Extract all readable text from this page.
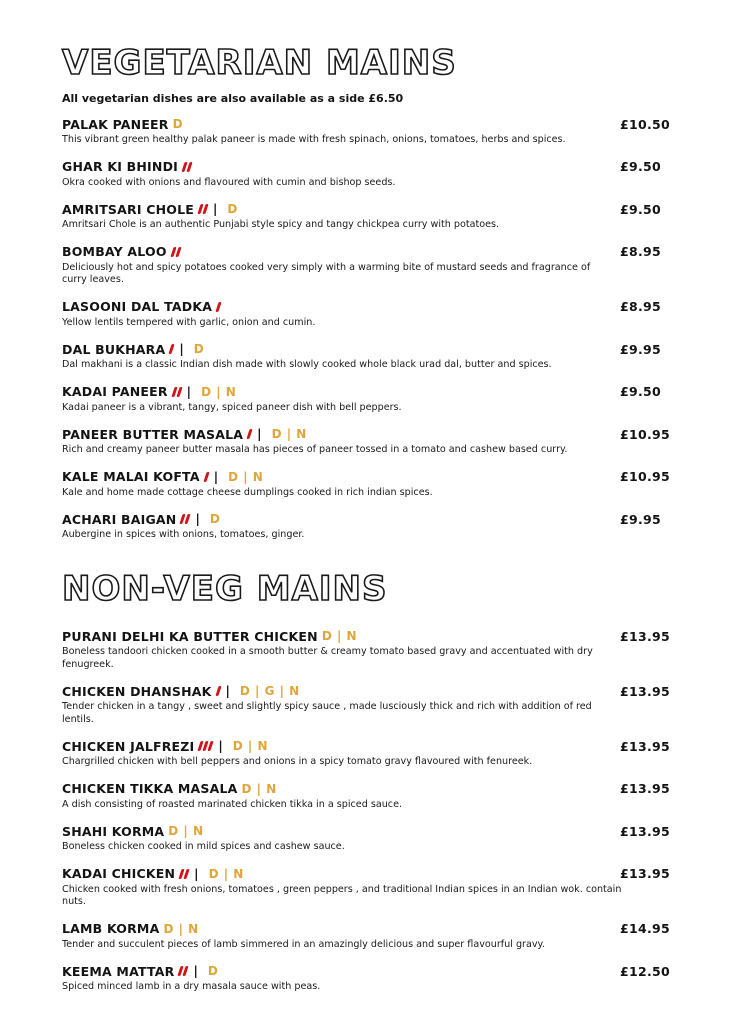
VEGETARIAN MAINS

All vegetarian dishes are also available as a side £6.50

PALAK PANEER D	£10.50

This vibrant green healthy palak paneer is made with fresh spinach, onions, tomatoes, herbs and spices.

GHAR KI BHINDI	£9.50

Okra cooked with onions and flavoured with cumin and bishop seeds.

AMRITSARI CHOLE | D	£9.50

Amritsari Chole is an authentic Punjabi style spicy and tangy chickpea curry with potatoes.

BOMBAY ALOO	£8.95

Deliciously hot and spicy potatoes cooked very simply with a warming bite of mustard seeds and fragrance of curry leaves.

LASOONI DAL TADKA	£8.95

Yellow lentils tempered with garlic, onion and cumin.

DAL BUKHARA | D	£9.95

Dal makhani is a classic Indian dish made with slowly cooked whole black urad dal, butter and spices.

KADAI PANEER | D | N	£9.50

Kadai paneer is a vibrant, tangy, spiced paneer dish with bell peppers.

PANEER BUTTER MASALA | D | N	£10.95

Rich and creamy paneer butter masala has pieces of paneer tossed in a tomato and cashew based curry.

KALE MALAI KOFTA | D | N	£10.95

Kale and home made cottage cheese dumplings cooked in rich indian spices.

ACHARI BAIGAN | D	£9.95

Aubergine in spices with onions, tomatoes, ginger.

NON-VEG MAINS
PURANI DELHI KA BUTTER CHICKEN D | N	£13.95

Boneless tandoori chicken cooked in a smooth butter & creamy tomato based gravy and accentuated with dry fenugreek.

CHICKEN DHANSHAK | D | G | N	£13.95

Tender chicken in a tangy , sweet and slightly spicy sauce , made lusciously thick and rich with addition of red lentils.

CHICKEN JALFREZI | D | N	£13.95

Chargrilled chicken with bell peppers and onions in a spicy tomato gravy flavoured with fenureek.

CHICKEN TIKKA MASALA D | N	£13.95

A dish consisting of roasted marinated chicken tikka in a spiced sauce.

SHAHI KORMA D | N	£13.95

Boneless chicken cooked in mild spices and cashew sauce.

KADAI CHICKEN | D | N	£13.95

Chicken cooked with fresh onions, tomatoes , green peppers , and traditional Indian spices in an Indian wok. contain nuts.

LAMB KORMA D | N	£14.95

Tender and succulent pieces of lamb simmered in an amazingly delicious and super flavourful gravy.

KEEMA MATTAR | D	£12.50

Spiced minced lamb in a dry masala sauce with peas.
